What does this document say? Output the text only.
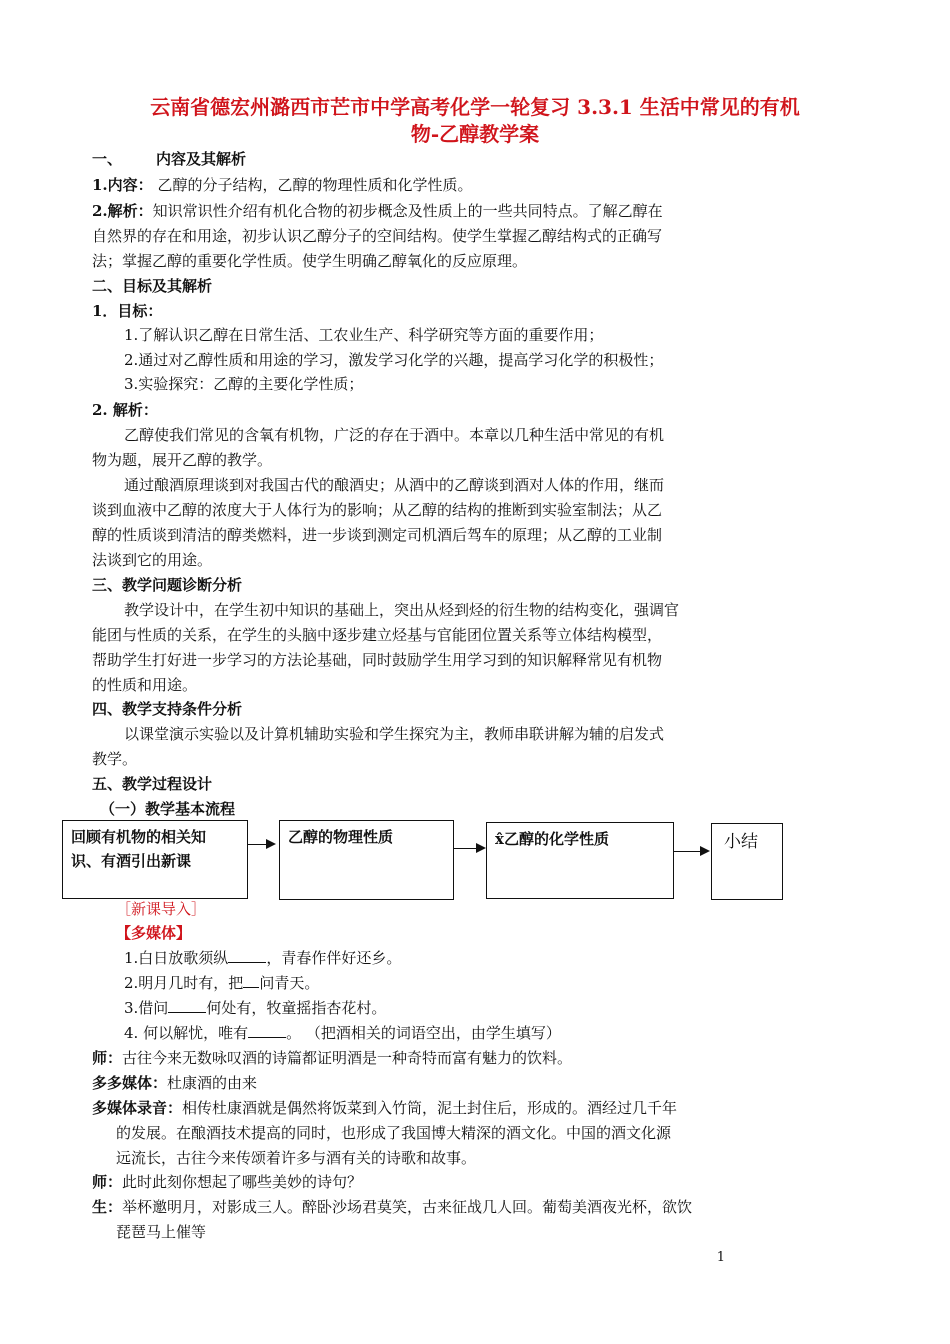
云南省德宏州潞西市芒市中学高考化学一轮复习 3.3.1 生活中常见的有机
物-乙醇教学案
一、 内容及其解析
1.内容： 乙醇的分子结构，乙醇的物理性质和化学性质。
2.解析：知识常识性介绍有机化合物的初步概念及性质上的一些共同特点。了解乙醇在
自然界的存在和用途，初步认识乙醇分子的空间结构。使学生掌握乙醇结构式的正确写
法；掌握乙醇的重要化学性质。使学生明确乙醇氧化的反应原理。
二、目标及其解析
1．目标：
1.了解认识乙醇在日常生活、工农业生产、科学研究等方面的重要作用；
2.通过对乙醇性质和用途的学习，激发学习化学的兴趣，提高学习化学的积极性；
3.实验探究：乙醇的主要化学性质；
2. 解析：
乙醇使我们常见的含氧有机物，广泛的存在于酒中。本章以几种生活中常见的有机
物为题，展开乙醇的教学。
通过酿酒原理谈到对我国古代的酿酒史；从酒中的乙醇谈到酒对人体的作用，继而
谈到血液中乙醇的浓度大于人体行为的影响；从乙醇的结构的推断到实验室制法；从乙
醇的性质谈到清洁的醇类燃料，进一步谈到测定司机酒后驾车的原理；从乙醇的工业制
法谈到它的用途。
三、教学问题诊断分析
教学设计中，在学生初中知识的基础上，突出从烃到烃的衍生物的结构变化，强调官
能团与性质的关系，在学生的头脑中逐步建立烃基与官能团位置关系等立体结构模型，
帮助学生打好进一步学习的方法论基础，同时鼓励学生用学习到的知识解释常见有机物
的性质和用途。
四、教学支持条件分析
以课堂演示实验以及计算机辅助实验和学生探究为主，教师串联讲解为辅的启发式
教学。
五、教学过程设计
（一）教学基本流程
回顾有机物的相关知
识、有酒引出新课
乙醇的物理性质	x̂乙醇的化学性质	小结
［新课导入］
【多媒体】
1.白日放歌须纵	，青春作伴好还乡。
2.明月几时有，把 问青天。
3.借问	何处有，牧童摇指杏花村。
4. 何以解忧，唯有	。 （把酒相关的词语空出，由学生填写）
师：古往今来无数咏叹酒的诗篇都证明酒是一种奇特而富有魅力的饮料。
多多媒体：杜康酒的由来
多媒体录音：相传杜康酒就是偶然将饭菜到入竹筒，泥土封住后，形成的。酒经过几千年
的发展。在酿酒技术提高的同时，也形成了我国博大精深的酒文化。中国的酒文化源
远流长，古往今来传颂着许多与酒有关的诗歌和故事。
师：此时此刻你想起了哪些美妙的诗句？
生：举杯邀明月，对影成三人。醉卧沙场君莫笑，古来征战几人回。葡萄美酒夜光杯，欲饮
琵琶马上催等
1
